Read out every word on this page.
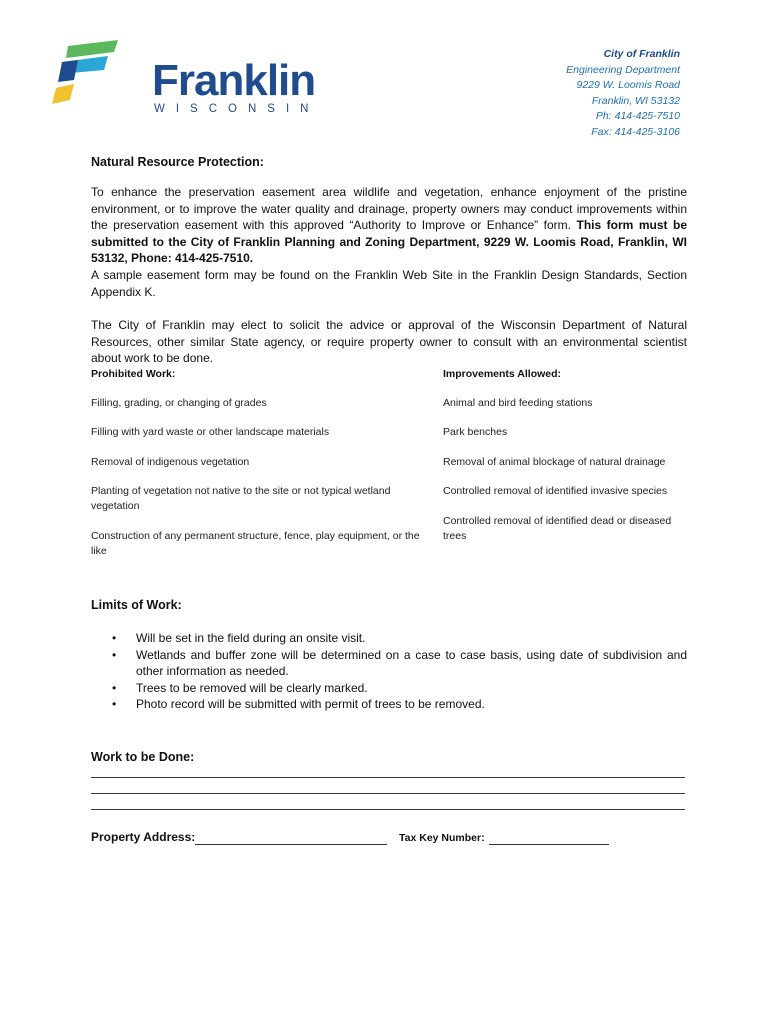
Franklin
WISCONSIN
City of Franklin
Engineering Department
9229 W. Loomis Road
Franklin, WI 53132
Ph: 414-425-7510
Fax: 414-425-3106
Natural Resource Protection:
To enhance the preservation easement area wildlife and vegetation, enhance enjoyment of the pristine environment, or to improve the water quality and drainage, property owners may conduct improvements within the preservation easement with this approved “Authority to Improve or Enhance” form. This form must be submitted to the City of Franklin Planning and Zoning Department, 9229 W. Loomis Road, Franklin, WI 53132, Phone: 414-425-7510.
A sample easement form may be found on the Franklin Web Site in the Franklin Design Standards, Section Appendix K.
The City of Franklin may elect to solicit the advice or approval of the Wisconsin Department of Natural Resources, other similar State agency, or require property owner to consult with an environmental scientist about work to be done.
Prohibited Work:	Improvements Allowed:
Filling, grading, or changing of grades
Filling with yard waste or other landscape materials
Removal of indigenous vegetation
Planting of vegetation not native to the site or not typical wetland vegetation
Construction of any permanent structure, fence, play equipment, or the like
Animal and bird feeding stations
Park benches
Removal of animal blockage of natural drainage
Controlled removal of identified invasive species
Controlled removal of identified dead or diseased trees
Limits of Work:
• Will be set in the field during an onsite visit.
• Wetlands and buffer zone will be determined on a case to case basis, using date of subdivision and other information as needed.
• Trees to be removed will be clearly marked.
• Photo record will be submitted with permit of trees to be removed.
Work to be Done:
Property Address:	Tax Key Number:
